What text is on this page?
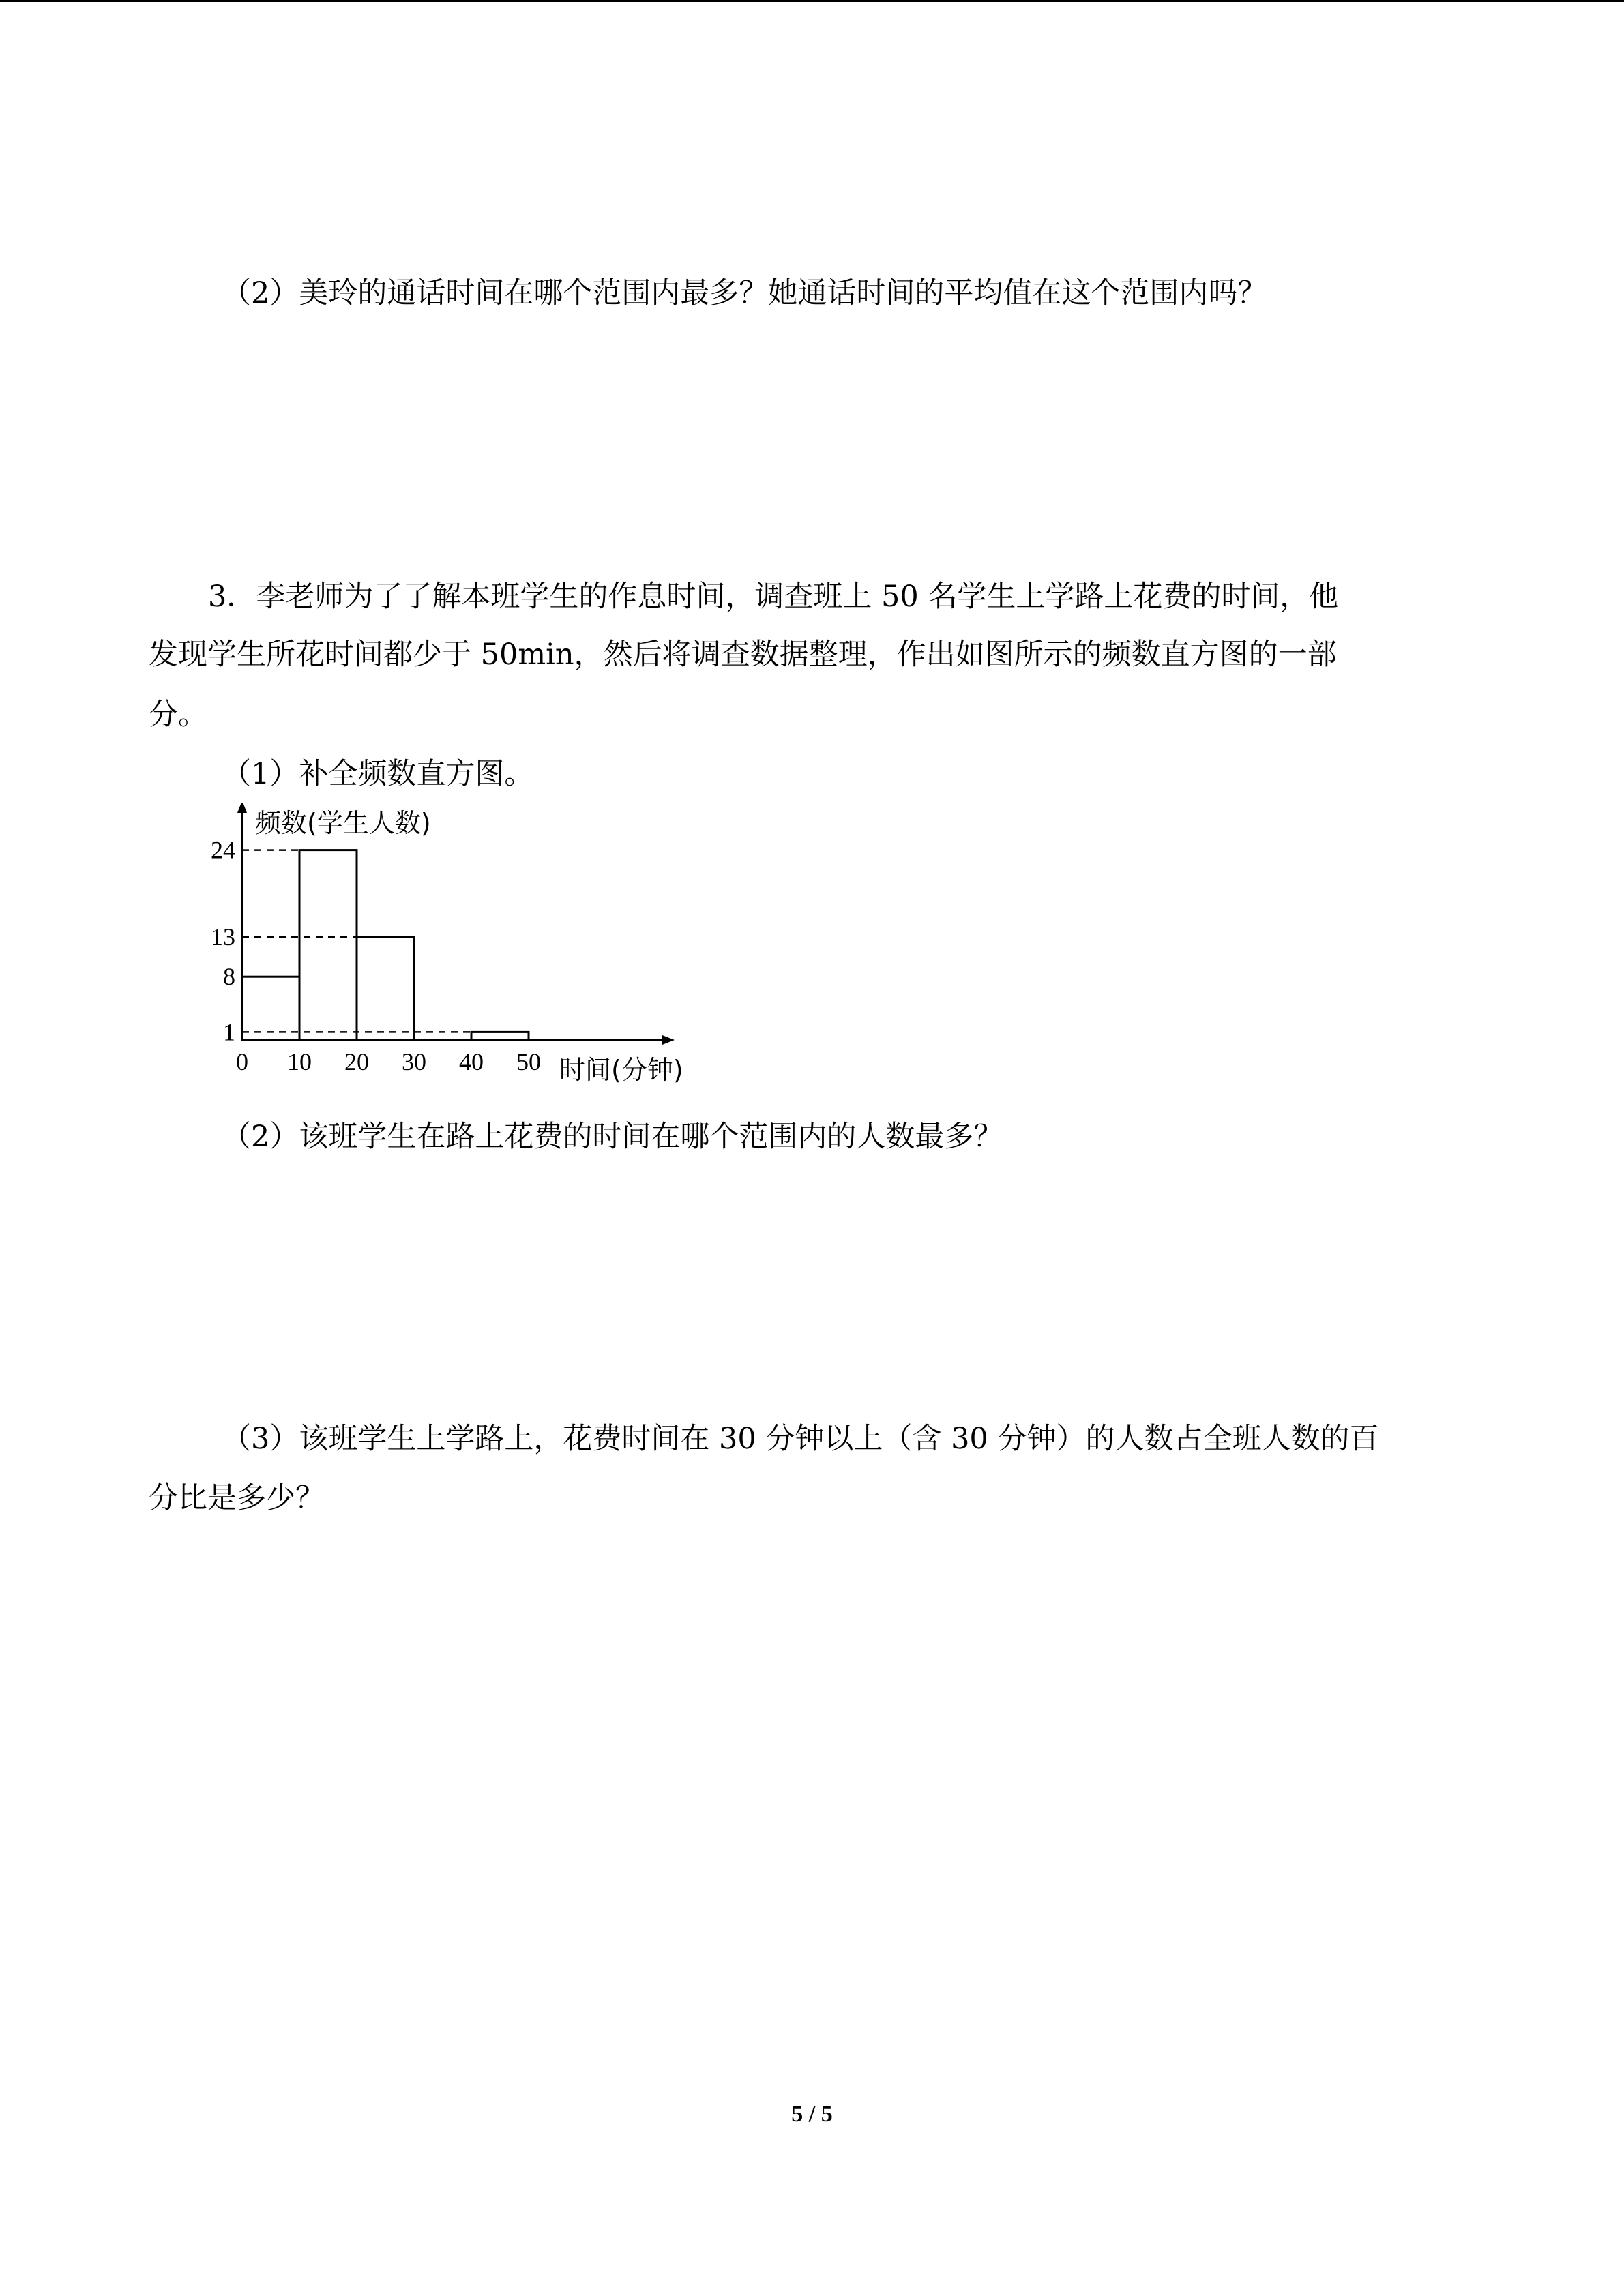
（2）美玲的通话时间在哪个范围内最多？她通话时间的平均值在这个范围内吗？
3．李老师为了了解本班学生的作息时间，调查班上 50 名学生上学路上花费的时间，他
发现学生所花时间都少于 50min，然后将调查数据整理，作出如图所示的频数直方图的一部
分。
（1）补全频数直方图。
0 10 20 30 40 50
1
8
13
24
频数(学生人数)
时间(分钟)
（2）该班学生在路上花费的时间在哪个范围内的人数最多？
（3）该班学生上学路上，花费时间在 30 分钟以上（含 30 分钟）的人数占全班人数的百
分比是多少？
5 / 5
